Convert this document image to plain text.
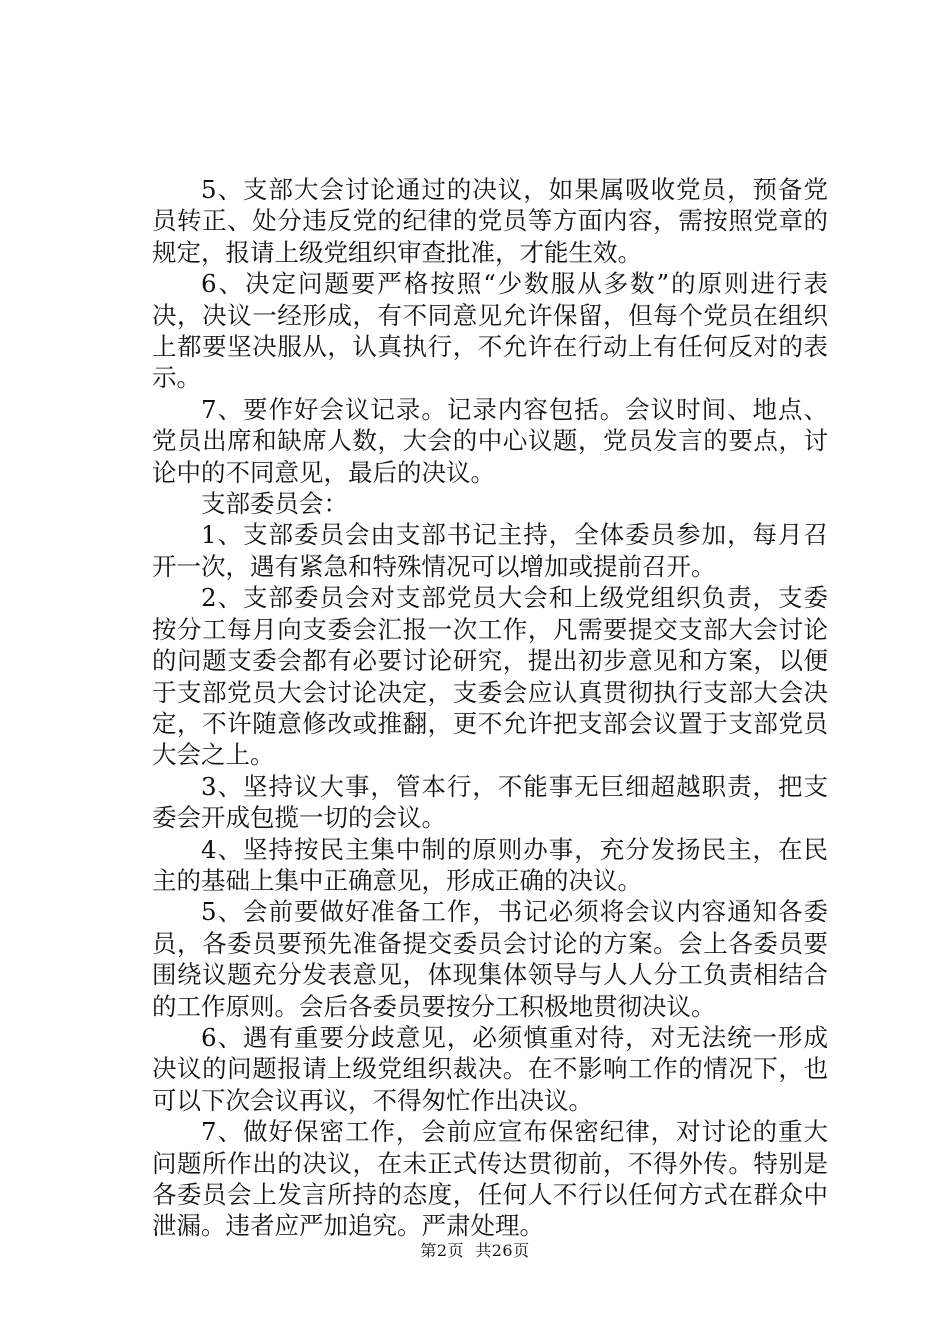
5、支部大会讨论通过的决议，如果属吸收党员，预备党员转正、处分违反党的纪律的党员等方面内容，需按照党章的规定，报请上级党组织审查批准，才能生效。

6、决定问题要严格按照“少数服从多数”的原则进行表决，决议一经形成，有不同意见允许保留，但每个党员在组织上都要坚决服从，认真执行，不允许在行动上有任何反对的表示。

7、要作好会议记录。记录内容包括。会议时间、地点、党员出席和缺席人数，大会的中心议题，党员发言的要点，讨论中的不同意见，最后的决议。

支部委员会：

1、支部委员会由支部书记主持，全体委员参加，每月召开一次，遇有紧急和特殊情况可以增加或提前召开。

2、支部委员会对支部党员大会和上级党组织负责，支委按分工每月向支委会汇报一次工作，凡需要提交支部大会讨论的问题支委会都有必要讨论研究，提出初步意见和方案，以便于支部党员大会讨论决定，支委会应认真贯彻执行支部大会决定，不许随意修改或推翻，更不允许把支部会议置于支部党员大会之上。

3、坚持议大事，管本行，不能事无巨细超越职责，把支委会开成包揽一切的会议。

4、坚持按民主集中制的原则办事，充分发扬民主，在民主的基础上集中正确意见，形成正确的决议。

5、会前要做好准备工作，书记必须将会议内容通知各委员，各委员要预先准备提交委员会讨论的方案。会上各委员要围绕议题充分发表意见，体现集体领导与人人分工负责相结合的工作原则。会后各委员要按分工积极地贯彻决议。

6、遇有重要分歧意见，必须慎重对待，对无法统一形成决议的问题报请上级党组织裁决。在不影响工作的情况下，也可以下次会议再议，不得匆忙作出决议。

7、做好保密工作，会前应宣布保密纪律，对讨论的重大问题所作出的决议，在未正式传达贯彻前，不得外传。特别是各委员会上发言所持的态度，任何人不行以任何方式在群众中泄漏。违者应严加追究。严肃处理。

第2页  共26页
